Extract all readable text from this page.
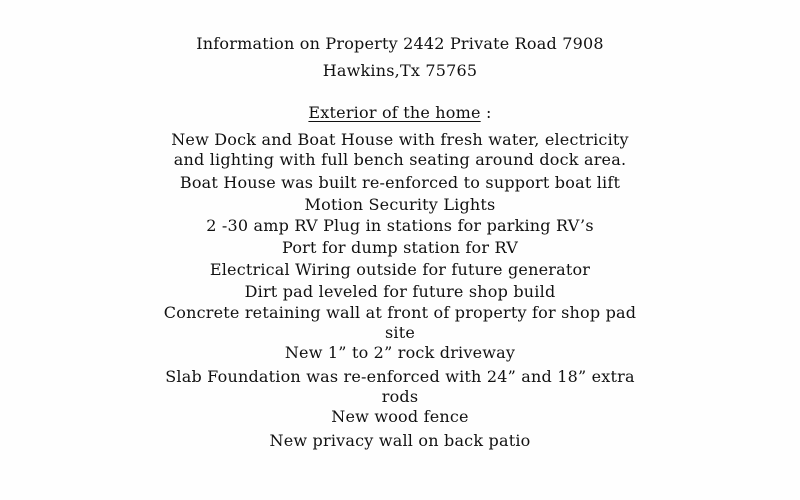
Information on Property 2442 Private Road 7908
Hawkins,Tx 75765
Exterior of the home :
New Dock and Boat House with fresh water, electricity
and lighting with full bench seating around dock area.
Boat House was built re-enforced to support boat lift
Motion Security Lights
2 -30 amp RV Plug in stations for parking RV’s
Port for dump station for RV
Electrical Wiring outside for future generator
Dirt pad leveled for future shop build
Concrete retaining wall at front of property for shop pad
site
New 1” to 2” rock driveway
Slab Foundation was re-enforced with 24” and 18” extra
rods
New wood fence
New privacy wall on back patio
